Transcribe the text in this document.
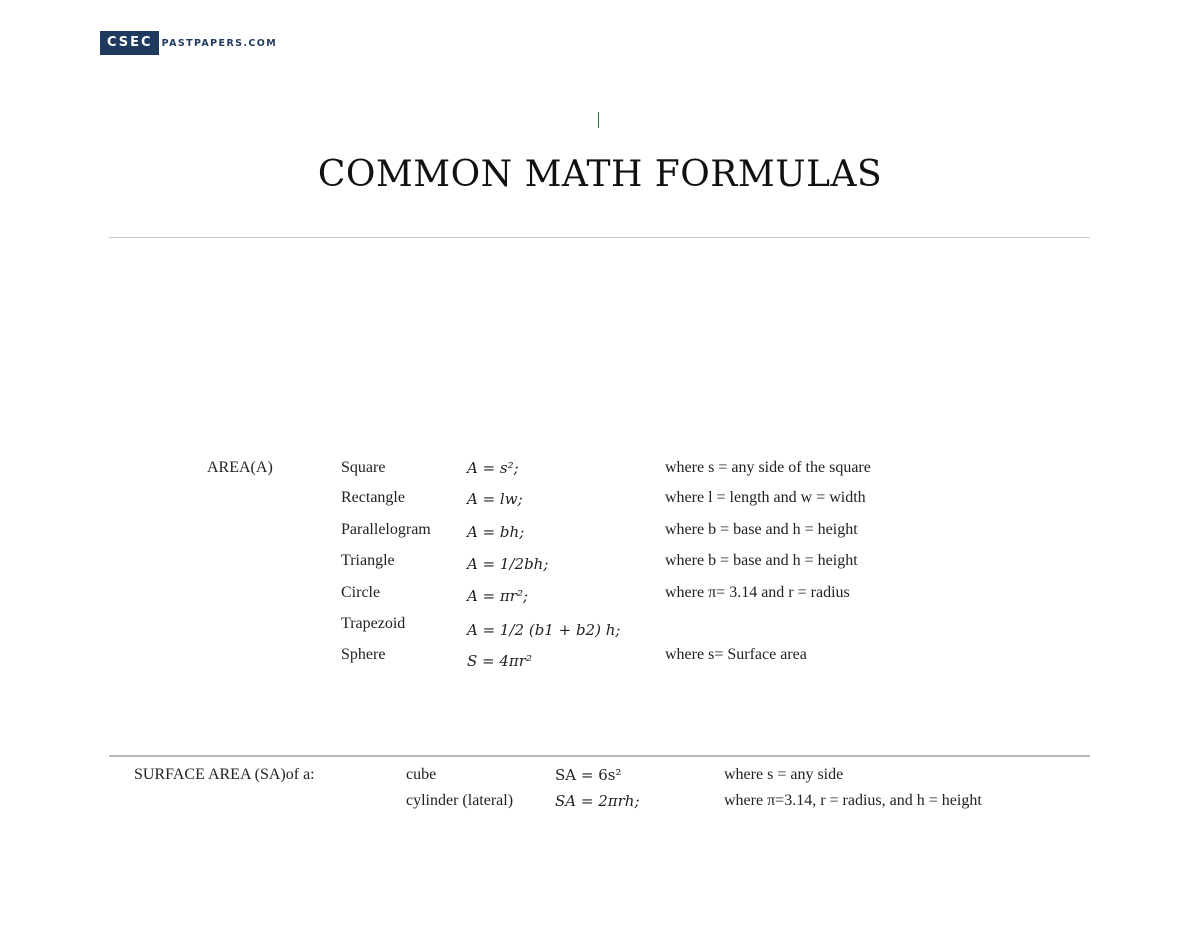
CSEC PASTPAPERS.COM
COMMON MATH FORMULAS
AREA(A)	Square	A = s²;	where s = any side of the square
Rectangle	A = lw;	where l = length and w = width
Parallelogram A = bh;	where b = base and h = height
Triangle	A = 1/2bh;	where b = base and h = height
Circle	A = πr²;	where π= 3.14 and r = radius
Trapezoid	A = 1/2 (b1 + b2) h;
Sphere	S = 4πr²	where s= Surface area
SURFACE AREA (SA)of a:	cube	SA = 6s²	where s = any side
cylinder (lateral)	SA = 2πrh;	where π=3.14, r = radius, and h = height
